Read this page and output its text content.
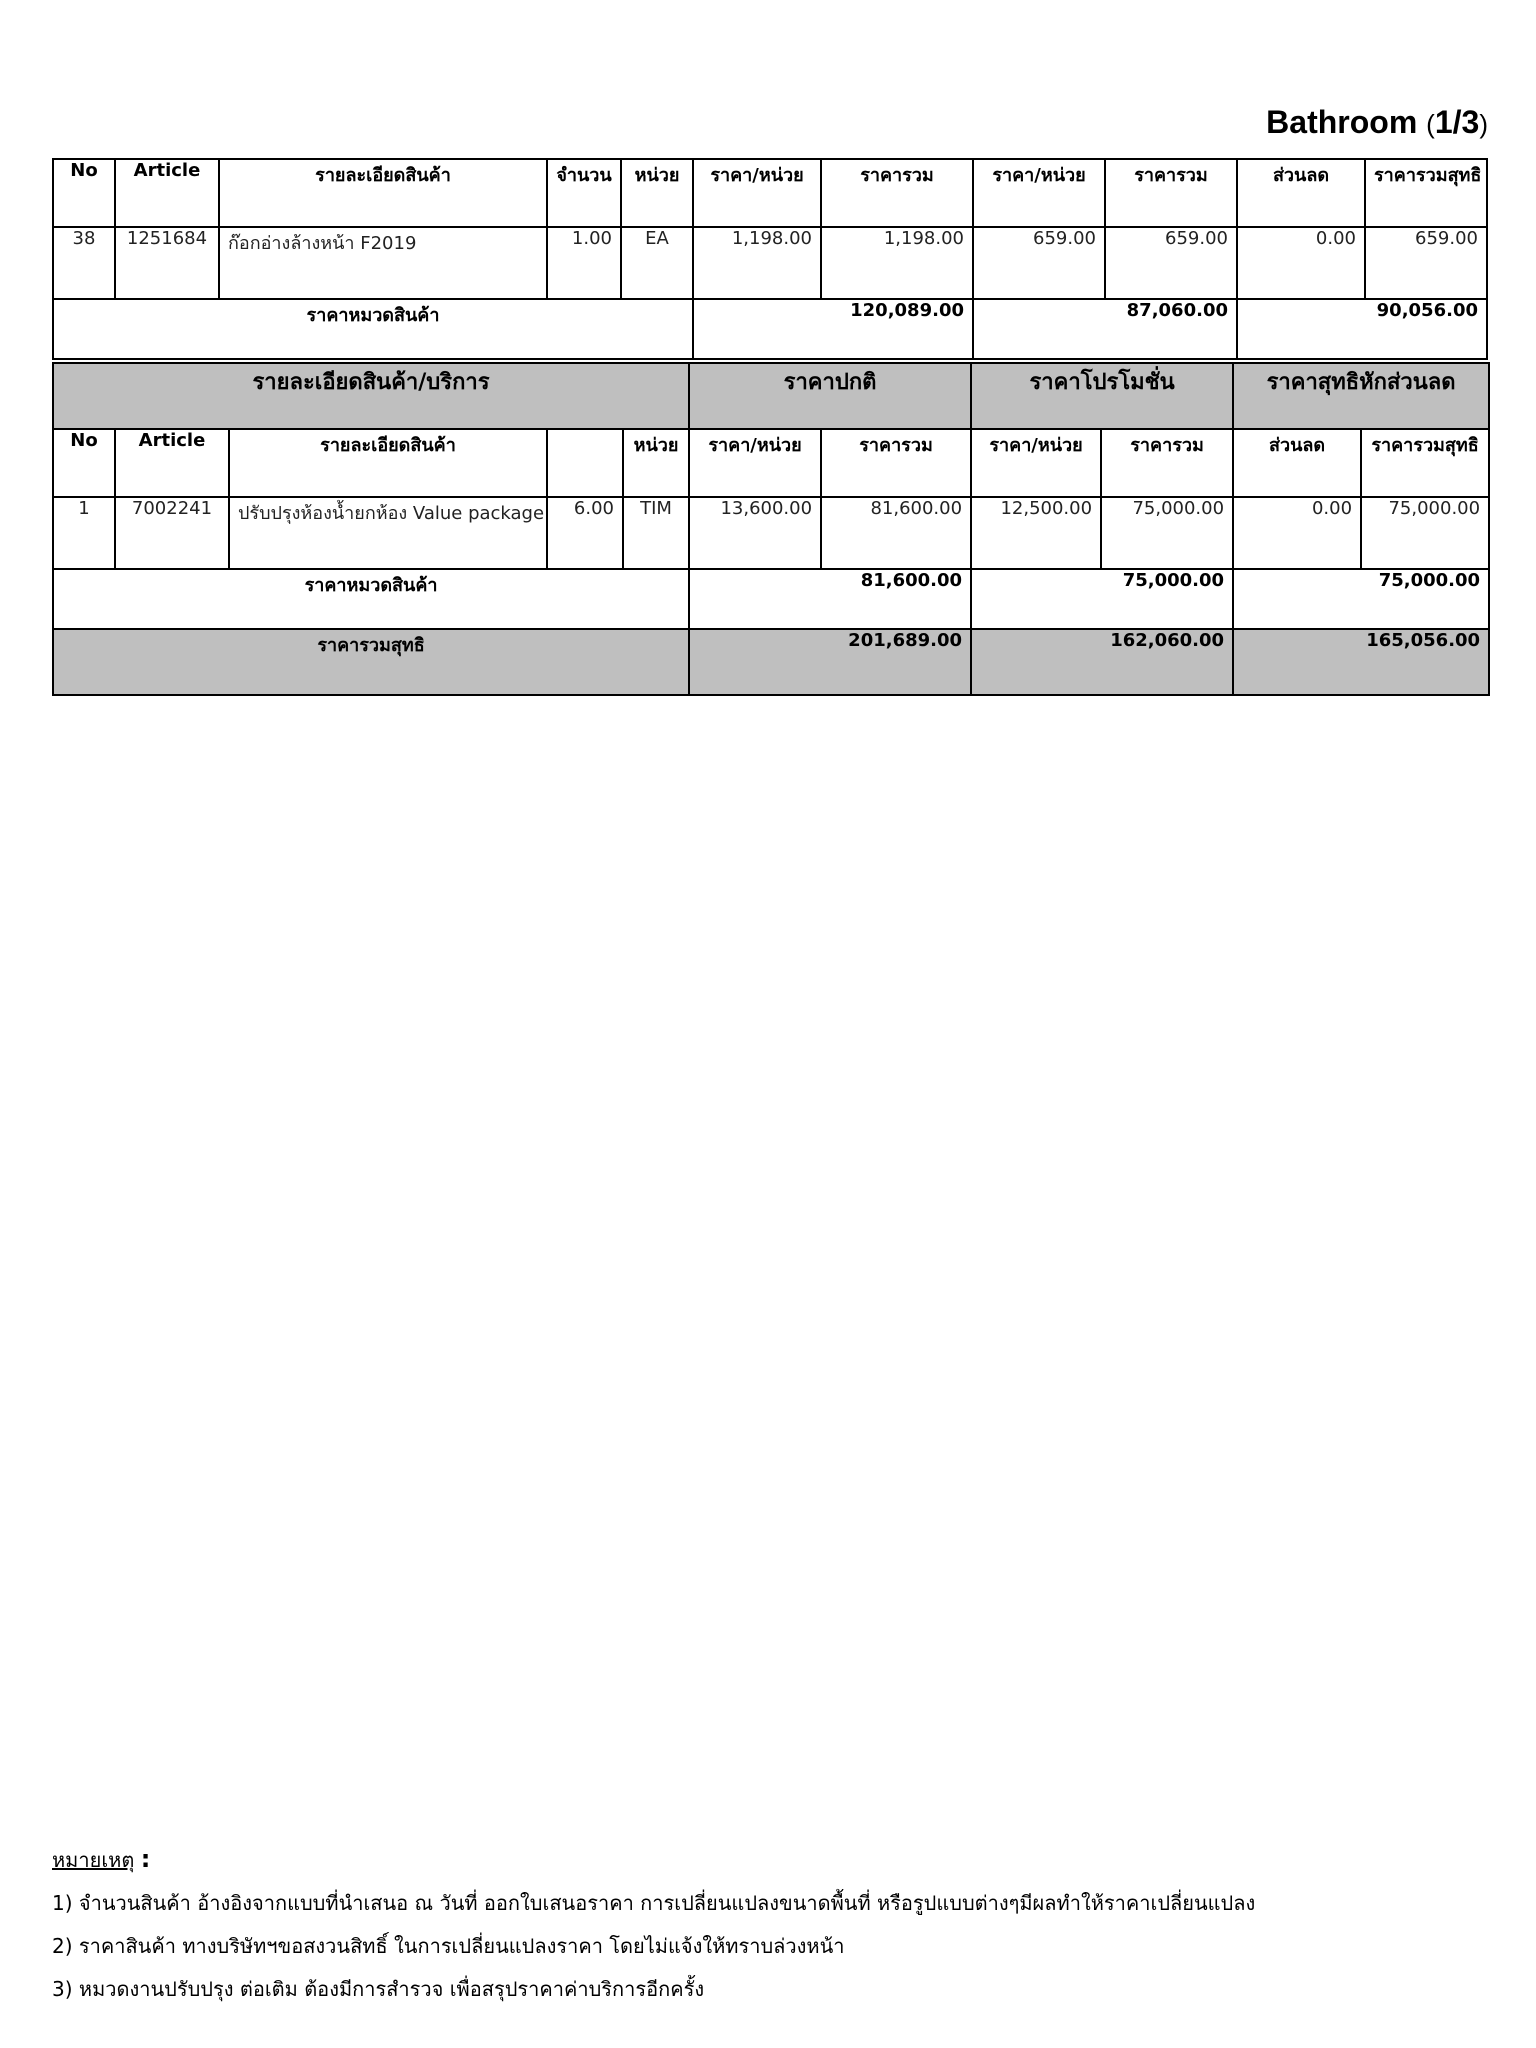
Bathroom (1/3)
No	Article	รายละเอียดสินค้า	จำนวน	หน่วย	ราคา/หน่วย	ราคารวม	ราคา/หน่วย	ราคารวม	ส่วนลด	ราคารวมสุทธิ
38	1251684	ก๊อกอ่างล้างหน้า F2019	1.00	EA	1,198.00	1,198.00	659.00	659.00	0.00	659.00
ราคาหมวดสินค้า					120,089.00		87,060.00		90,056.00	
รายละเอียดสินค้า/บริการ					ราคาปกติ		ราคาโปรโมชั่น		ราคาสุทธิหักส่วนลด	
No	Article	รายละเอียดสินค้า		หน่วย	ราคา/หน่วย	ราคารวม	ราคา/หน่วย	ราคารวม	ส่วนลด	ราคารวมสุทธิ
1	7002241	ปรับปรุงห้องน้ำยกห้อง Value package	6.00	TIM	13,600.00	81,600.00	12,500.00	75,000.00	0.00	75,000.00
ราคาหมวดสินค้า					81,600.00		75,000.00		75,000.00	
ราคารวมสุทธิ					201,689.00		162,060.00		165,056.00	
หมายเหตุ :
1) จำนวนสินค้า อ้างอิงจากแบบที่นำเสนอ ณ วันที่ ออกใบเสนอราคา การเปลี่ยนแปลงขนาดพื้นที่ หรือรูปแบบต่างๆมีผลทำให้ราคาเปลี่ยนแปลง
2) ราคาสินค้า ทางบริษัทฯขอสงวนสิทธิ์ ในการเปลี่ยนแปลงราคา โดยไม่แจ้งให้ทราบล่วงหน้า
3) หมวดงานปรับปรุง ต่อเติม ต้องมีการสำรวจ เพื่อสรุปราคาค่าบริการอีกครั้ง
